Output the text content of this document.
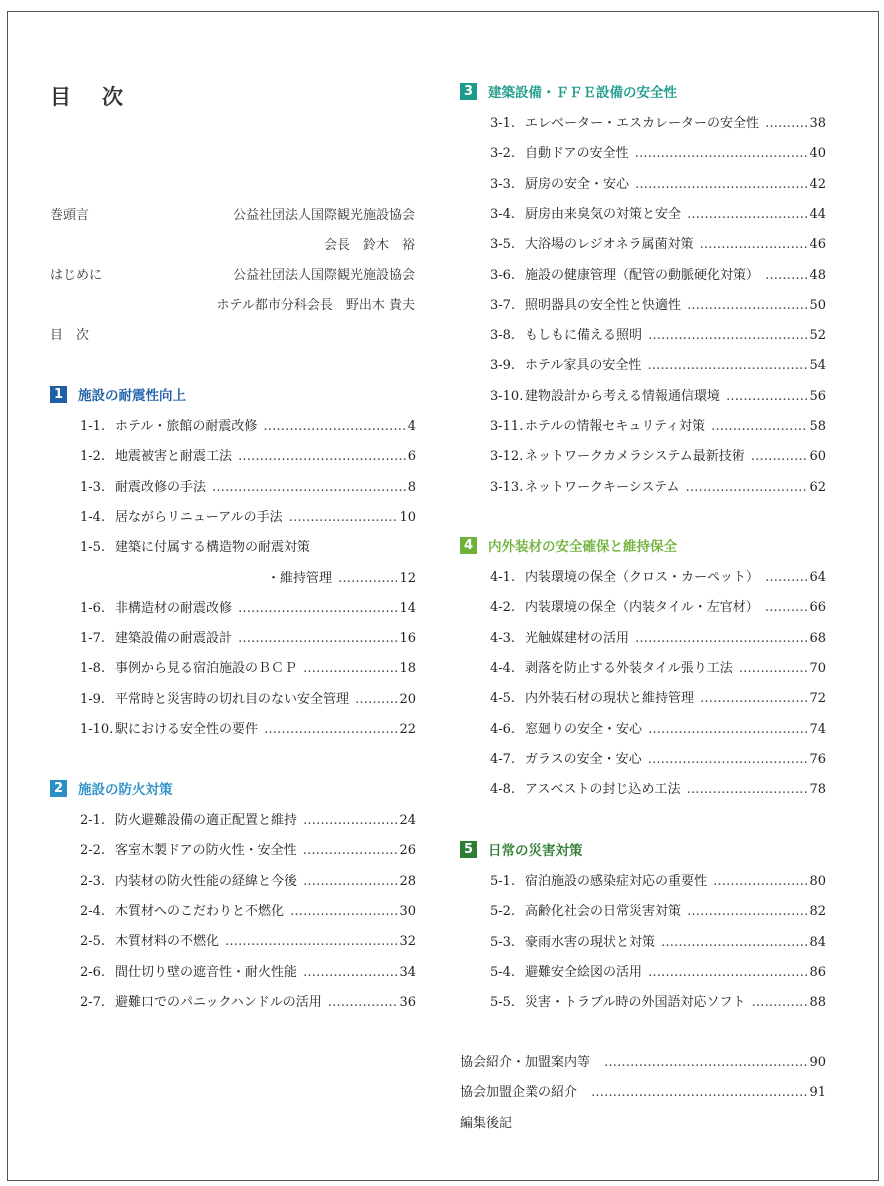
目 次
巻頭言	公益社団法人国際観光施設協会
会長　鈴木　裕
はじめに	公益社団法人国際観光施設協会
ホテル都市分科会長　野出木 貴夫
目　次
1 施設の耐震性向上
1-1. ホテル・旅館の耐震改修 …………………………………………………………………………………………………………………………………………	4
1-2. 地震被害と耐震工法 …………………………………………………………………………………………………………………………………………	6
1-3. 耐震改修の手法 …………………………………………………………………………………………………………………………………………	8
1-4. 居ながらリニューアルの手法 …………………………………………………………………………………………………………………………………………	10
1-5. 建築に付属する構造物の耐震対策
・維持管理 …………………………………………………………………………………………………………………………………………	12
1-6. 非構造材の耐震改修 …………………………………………………………………………………………………………………………………………	14
1-7. 建築設備の耐震設計 …………………………………………………………………………………………………………………………………………	16
1-8. 事例から見る宿泊施設のＢＣＰ …………………………………………………………………………………………………………………………………………	18
1-9. 平常時と災害時の切れ目のない安全管理 …………………………………………………………………………………………………………………………………………	20
1-10. 駅における安全性の要件 …………………………………………………………………………………………………………………………………………	22
2 施設の防火対策
2-1. 防火避難設備の適正配置と維持 …………………………………………………………………………………………………………………………………………	24
2-2. 客室木製ドアの防火性・安全性 …………………………………………………………………………………………………………………………………………	26
2-3. 内装材の防火性能の経緯と今後 …………………………………………………………………………………………………………………………………………	28
2-4. 木質材へのこだわりと不燃化 …………………………………………………………………………………………………………………………………………	30
2-5. 木質材料の不燃化 …………………………………………………………………………………………………………………………………………	32
2-6. 間仕切り壁の遮音性・耐火性能 …………………………………………………………………………………………………………………………………………	34
2-7. 避難口でのパニックハンドルの活用 …………………………………………………………………………………………………………………………………………	36
3 建築設備・ＦＦＥ設備の安全性
3-1. エレベーター・エスカレーターの安全性 …………………………………………………………………………………………………………………………………………	38
3-2. 自動ドアの安全性 …………………………………………………………………………………………………………………………………………	40
3-3. 厨房の安全・安心 …………………………………………………………………………………………………………………………………………	42
3-4. 厨房由来臭気の対策と安全 …………………………………………………………………………………………………………………………………………	44
3-5. 大浴場のレジオネラ属菌対策 …………………………………………………………………………………………………………………………………………	46
3-6. 施設の健康管理（配管の動脈硬化対策） …………………………………………………………………………………………………………………………………………	48
3-7. 照明器具の安全性と快適性 …………………………………………………………………………………………………………………………………………	50
3-8. もしもに備える照明 …………………………………………………………………………………………………………………………………………	52
3-9. ホテル家具の安全性 …………………………………………………………………………………………………………………………………………	54
3-10. 建物設計から考える情報通信環境 …………………………………………………………………………………………………………………………………………	56
3-11. ホテルの情報セキュリティ対策 …………………………………………………………………………………………………………………………………………	58
3-12. ネットワークカメラシステム最新技術 …………………………………………………………………………………………………………………………………………	60
3-13. ネットワークキーシステム …………………………………………………………………………………………………………………………………………	62
4 内外装材の安全確保と維持保全
4-1. 内装環境の保全（クロス・カーペット） …………………………………………………………………………………………………………………………………………	64
4-2. 内装環境の保全（内装タイル・左官材） …………………………………………………………………………………………………………………………………………	66
4-3. 光触媒建材の活用 …………………………………………………………………………………………………………………………………………	68
4-4. 剥落を防止する外装タイル張り工法 …………………………………………………………………………………………………………………………………………	70
4-5. 内外装石材の現状と維持管理 …………………………………………………………………………………………………………………………………………	72
4-6. 窓廻りの安全・安心 …………………………………………………………………………………………………………………………………………	74
4-7. ガラスの安全・安心 …………………………………………………………………………………………………………………………………………	76
4-8. アスベストの封じ込め工法 …………………………………………………………………………………………………………………………………………	78
5 日常の災害対策
5-1. 宿泊施設の感染症対応の重要性 …………………………………………………………………………………………………………………………………………	80
5-2. 高齢化社会の日常災害対策 …………………………………………………………………………………………………………………………………………	82
5-3. 豪雨水害の現状と対策 …………………………………………………………………………………………………………………………………………	84
5-4. 避難安全絵図の活用 …………………………………………………………………………………………………………………………………………	86
5-5. 災害・トラブル時の外国語対応ソフト …………………………………………………………………………………………………………………………………………	88
協会紹介・加盟案内等 …………………………………………………………………………………………………………………………………………	90
協会加盟企業の紹介 …………………………………………………………………………………………………………………………………………	91
編集後記
